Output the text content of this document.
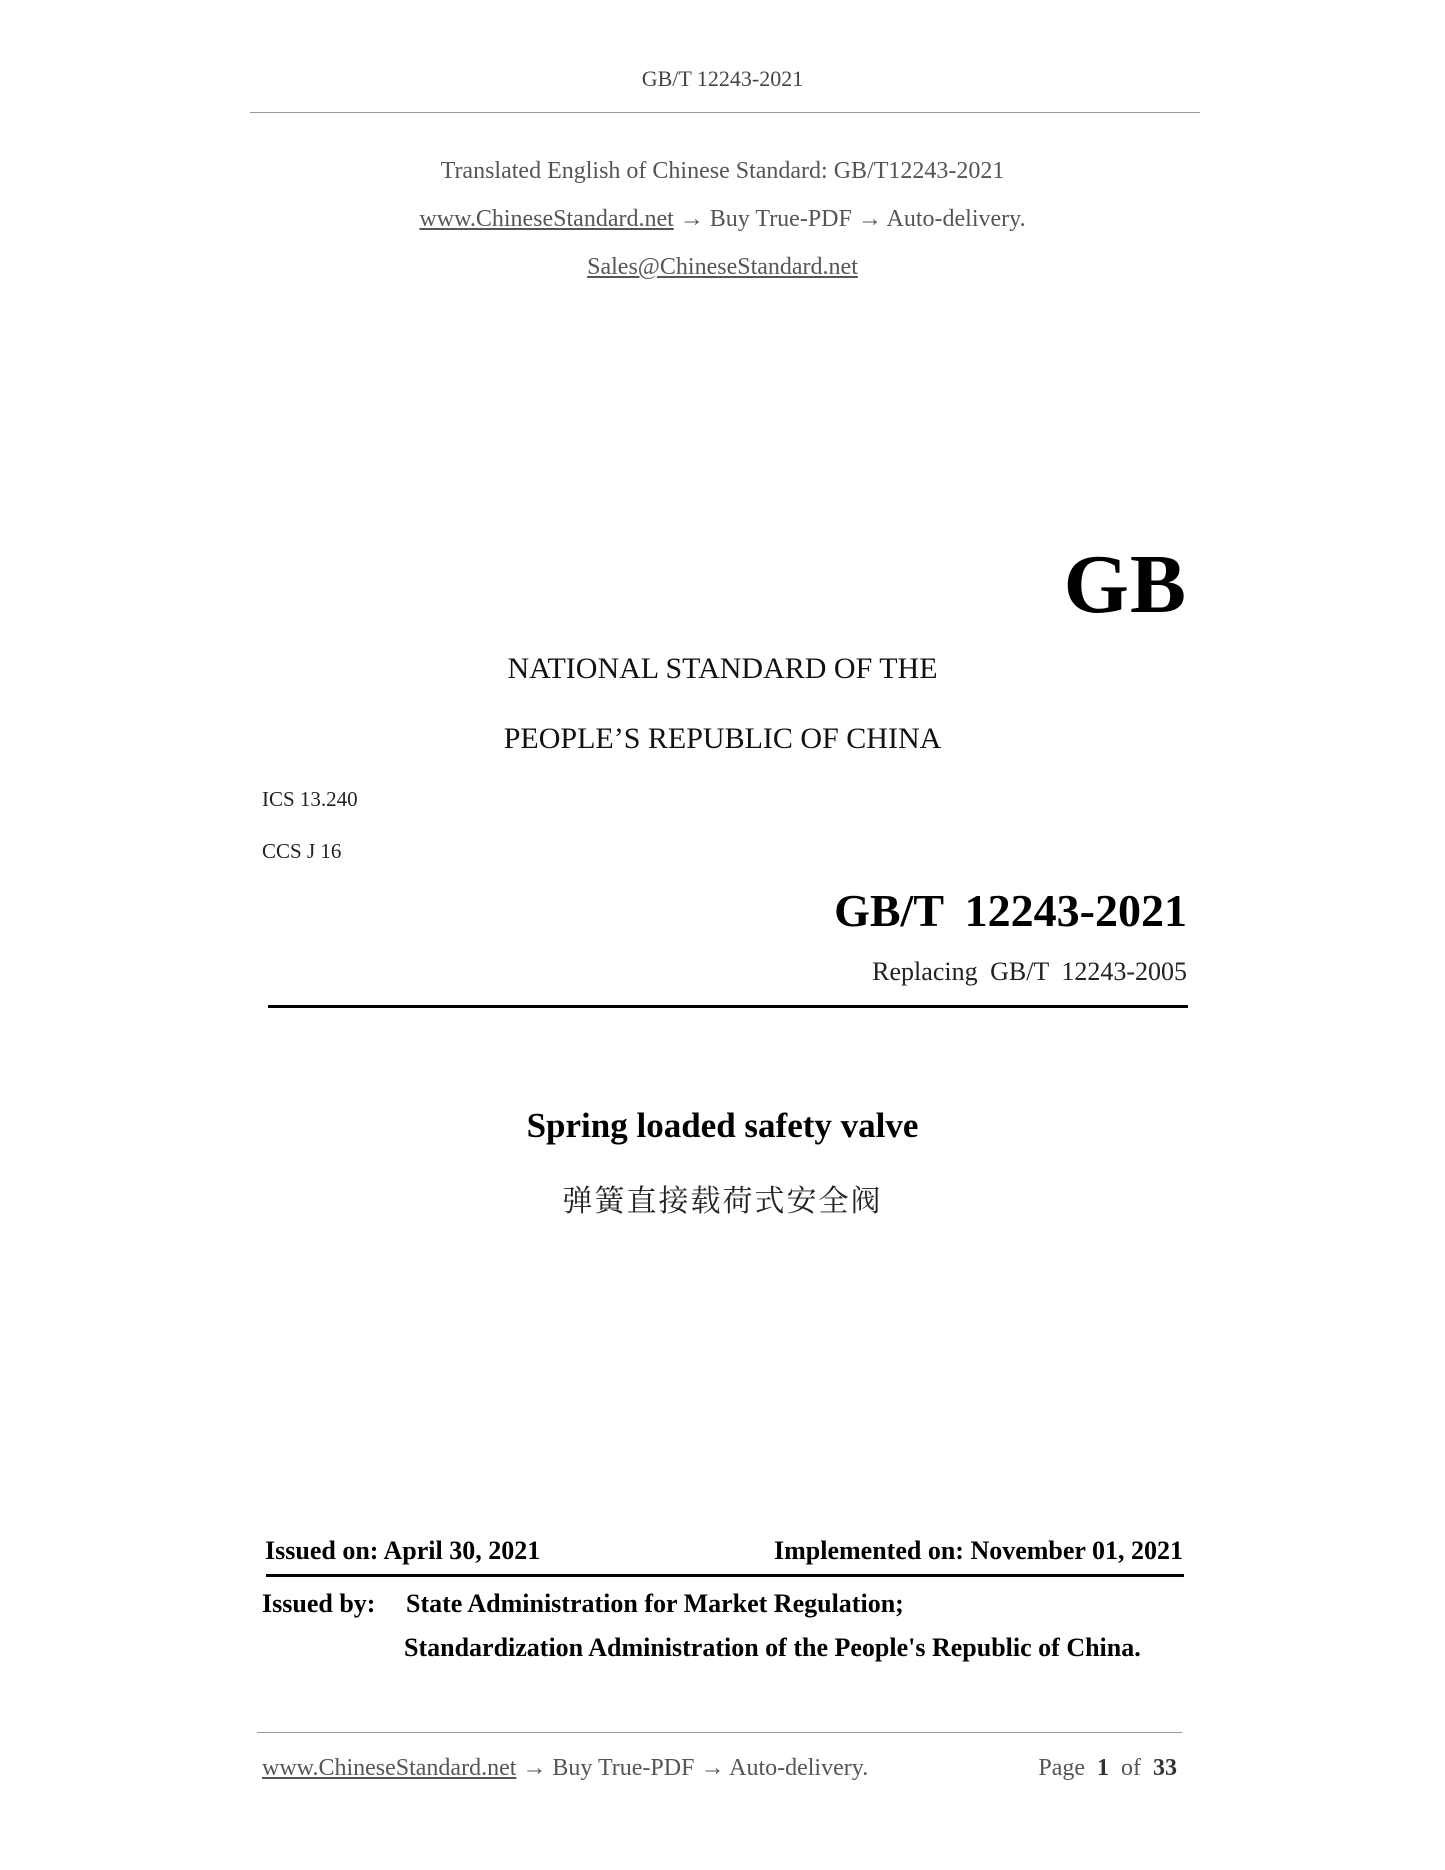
GB/T 12243-2021
Translated English of Chinese Standard: GB/T12243-2021
www.ChineseStandard.net → Buy True-PDF → Auto-delivery.
Sales@ChineseStandard.net
GB
NATIONAL STANDARD OF THE
PEOPLE’S REPUBLIC OF CHINA
ICS 13.240
CCS J 16
GB/T 12243-2021
Replacing GB/T 12243-2005
Spring loaded safety valve
弹簧直接载荷式安全阀
Issued on: April 30, 2021	Implemented on: November 01, 2021
Issued by: State Administration for Market Regulation;
Standardization Administration of the People's Republic of China.
www.ChineseStandard.net → Buy True-PDF → Auto-delivery.	Page 1 of 33
